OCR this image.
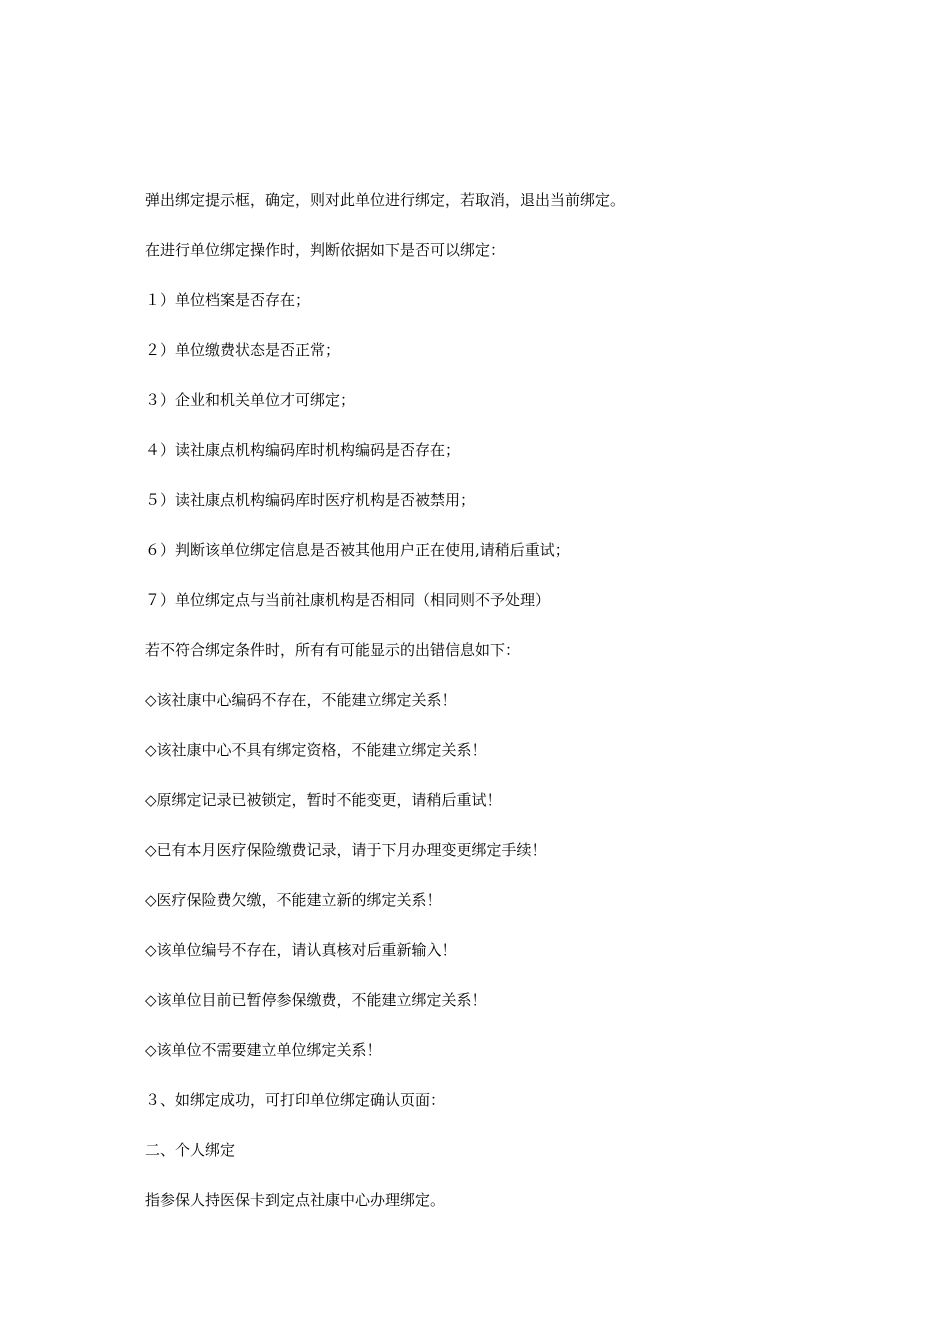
弹出绑定提示框，确定，则对此单位进行绑定，若取消，退出当前绑定。
在进行单位绑定操作时，判断依据如下是否可以绑定：
１）单位档案是否存在；
２）单位缴费状态是否正常；
３）企业和机关单位才可绑定；
４）读社康点机构编码库时机构编码是否存在；
５）读社康点机构编码库时医疗机构是否被禁用；
６）判断该单位绑定信息是否被其他用户正在使用,请稍后重试；
７）单位绑定点与当前社康机构是否相同（相同则不予处理）
若不符合绑定条件时，所有有可能显示的出错信息如下：
◇该社康中心编码不存在，不能建立绑定关系！
◇该社康中心不具有绑定资格，不能建立绑定关系！
◇原绑定记录已被锁定，暂时不能变更，请稍后重试！
◇已有本月医疗保险缴费记录，请于下月办理变更绑定手续！
◇医疗保险费欠缴，不能建立新的绑定关系！
◇该单位编号不存在，请认真核对后重新输入！
◇该单位目前已暂停参保缴费，不能建立绑定关系！
◇该单位不需要建立单位绑定关系！
３、如绑定成功，可打印单位绑定确认页面：
二、个人绑定
指参保人持医保卡到定点社康中心办理绑定。
